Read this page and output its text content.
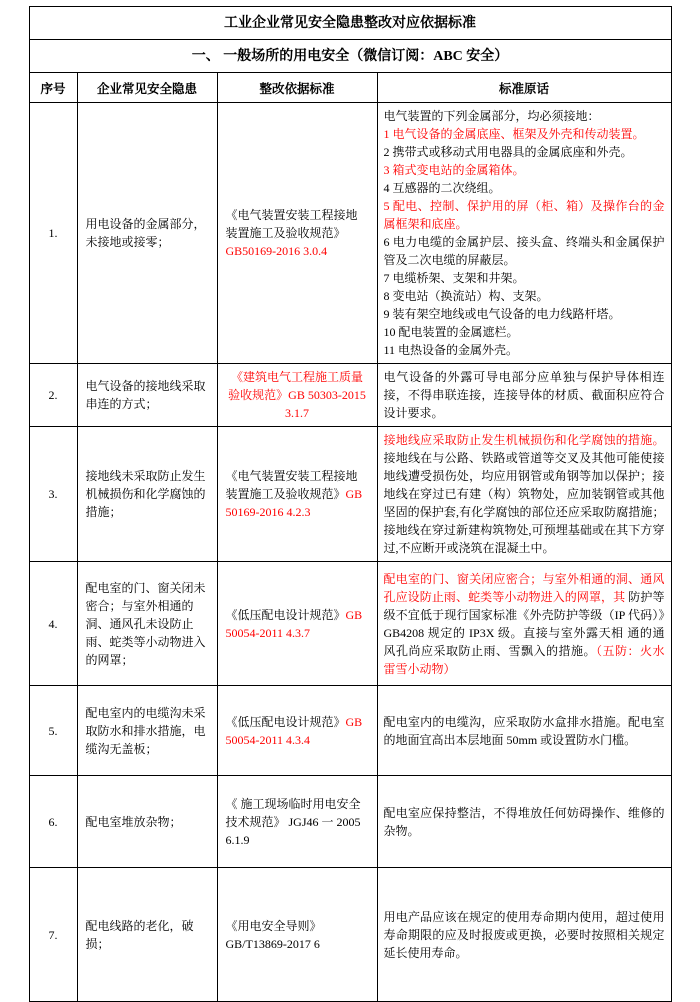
工业企业常见安全隐患整改对应依据标准			
一、 一般场所的用电安全（微信订阅：ABC 安全）			
序号	企业常见安全隐患	整改依据标准	标准原话
1.	用电设备的金属部分，未接地或接零；	《电气装置安装工程接地装置施工及验收规范》GB50169-2016 3.0.4	
电气装置的下列金属部分，均必须接地：
1 电气设备的金属底座、框架及外壳和传动装置。
2 携带式或移动式用电器具的金属底座和外壳。
3 箱式变电站的金属箱体。
4 互感器的二次绕组。
5 配电、控制、保护用的屏（柜、箱）及操作台的金属框架和底座。
6 电力电缆的金属护层、接头盒、终端头和金属保护管及二次电缆的屏蔽层。
7 电缆桥架、支架和井架。
8 变电站（换流站）构、支架。
9 装有架空地线或电气设备的电力线路杆塔。
10 配电装置的金属遮栏。
11 电热设备的金属外壳。

2.	电气设备的接地线采取串连的方式；	《建筑电气工程施工质量验收规范》GB 50303-2015 3.1.7	电气设备的外露可导电部分应单独与保护导体相连接，不得串联连接，连接导体的材质、截面积应符合设计要求。
3.	接地线未采取防止发生机械损伤和化学腐蚀的措施；	《电气装置安装工程接地装置施工及验收规范》GB 50169-2016 4.2.3	接地线应采取防止发生机械损伤和化学腐蚀的措施。接地线在与公路、铁路或管道等交叉及其他可能使接地线遭受损伤处，均应用钢管或角钢等加以保护；接地线在穿过已有建（构）筑物处，应加装钢管或其他坚固的保护套,有化学腐蚀的部位还应采取防腐措施；接地线在穿过新建构筑物处,可预埋基础或在其下方穿过,不应断开或浇筑在混凝土中。
4.	配电室的门、窗关闭未密合；与室外相通的洞、通风孔未设防止雨、蛇类等小动物进入的网罩；	《低压配电设计规范》GB 50054-2011 4.3.7	配电室的门、窗关闭应密合；与室外相通的洞、通风孔应设防止雨、蛇类等小动物进入的网罩，其 防护等级不宜低于现行国家标准《外壳防护等级（IP 代码）》GB4208 规定的 IP3X 级。直接与室外露天相 通的通风孔尚应采取防止雨、雪飘入的措施。（五防：火水雷雪小动物）
5.	配电室内的电缆沟未采取防水和排水措施，电缆沟无盖板；	《低压配电设计规范》GB 50054-2011 4.3.4	配电室内的电缆沟，应采取防水盒排水措施。配电室的地面宜高出本层地面 50mm 或设置防水门槛。
6.	配电室堆放杂物；	《 施工现场临时用电安全技术规范》 JGJ46 一 2005 6.1.9	配电室应保持整洁，不得堆放任何妨碍操作、维修的杂物。
7.	配电线路的老化，破损；	《用电安全导则》GB/T13869-2017 6	用电产品应该在规定的使用寿命期内使用，超过使用寿命期限的应及时报废或更换，必要时按照相关规定延长使用寿命。
